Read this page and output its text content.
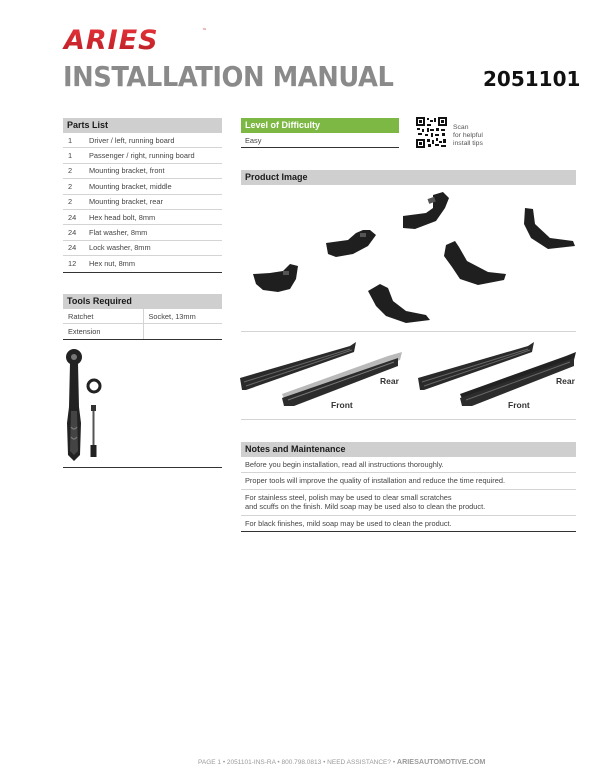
ARIES	™
INSTALLATION MANUAL	2051101
Parts List
1	Driver / left, running board
1	Passenger / right, running board
2	Mounting bracket, front
2	Mounting bracket, middle
2	Mounting bracket, rear
24	Hex head bolt, 8mm
24	Flat washer, 8mm
24	Lock washer, 8mm
12	Hex nut, 8mm
Tools Required
Ratchet	Socket, 13mm
Extension
Level of Difficulty
Easy
Scan
for helpful
install tips
Product Image
Rear
Front
Rear
Front
Notes and Maintenance
Before you begin installation, read all instructions thoroughly.
Proper tools will improve the quality of installation and reduce the time required.
For stainless steel, polish may be used to clear small scratches
and scuffs on the finish. Mild soap may be used also to clean the product.
For black finishes, mild soap may be used to clean the product.
PAGE 1 • 2051101-INS-RA • 800.798.0813 • NEED ASSISTANCE? • ARIESAUTOMOTIVE.COM
